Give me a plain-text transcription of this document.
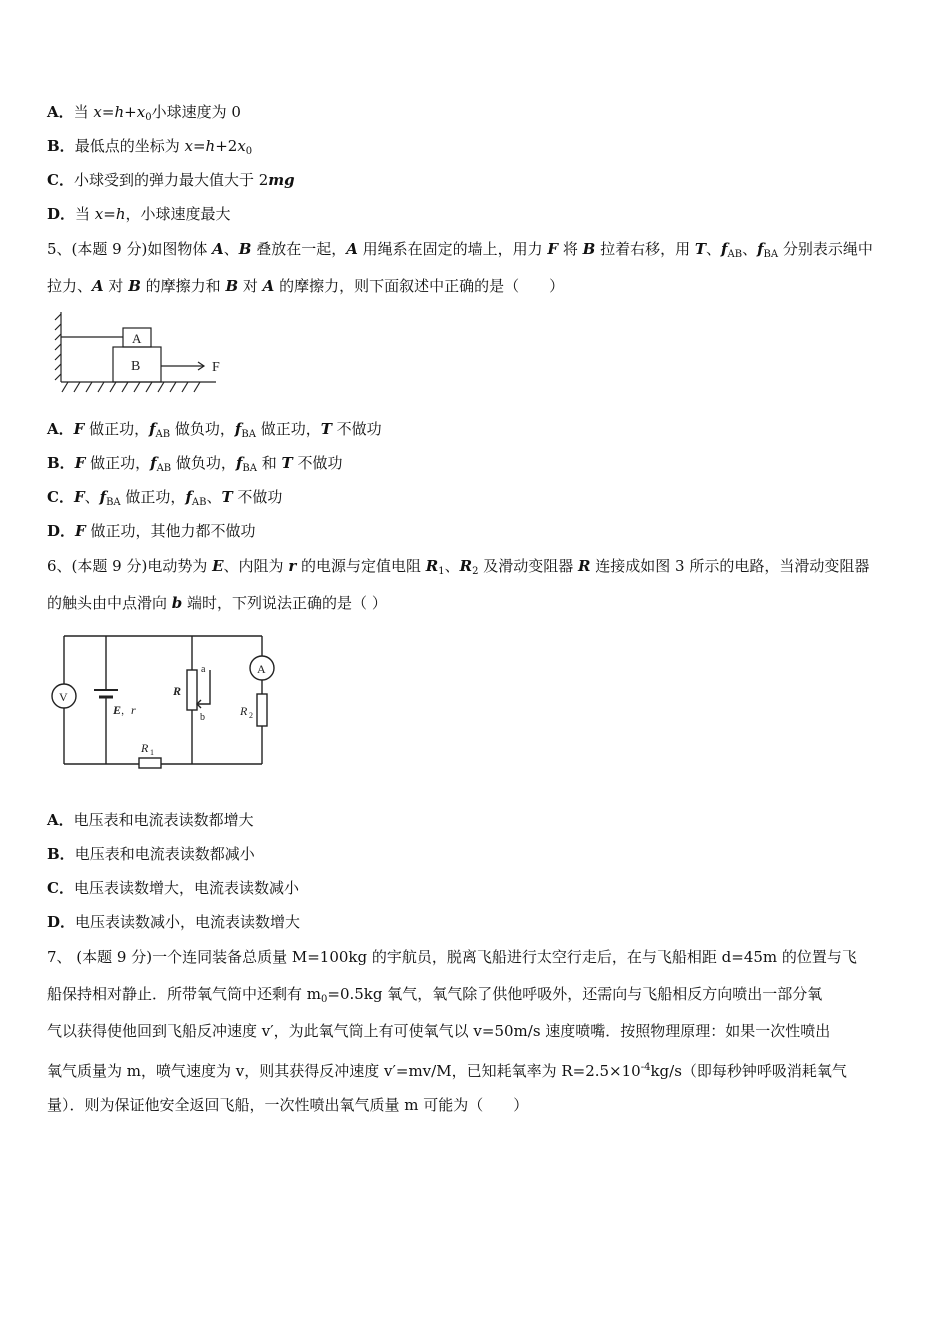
A．当 $x=h+x_0$小球速度为 0
B．最低点的坐标为 $x=h+2x_0$
C．小球受到的弹力最大值大于 2mg
D．当 x=h，小球速度最大
5、(本题 9 分)如图物体 A、B 叠放在一起，A 用绳系在固定的墙上，用力 F 将 B 拉着右移，用 T、$f_{AB}$、$f_{BA}$ 分别表示绳中
拉力、A 对 B 的摩擦力和 B 对 A 的摩擦力，则下面叙述中正确的是（　　）
A
B	F
A．F 做正功，$f_{AB}$ 做负功，$f_{BA}$ 做正功，T 不做功
B．F 做正功，$f_{AB}$ 做负功，$f_{BA}$ 和 T 不做功
C．F、$f_{BA}$ 做正功，$f_{AB}$、T 不做功
D．F 做正功，其他力都不做功
6、(本题 9 分)电动势为 E、内阻为 r 的电源与定值电阻 $R_1$、$R_2$ 及滑动变阻器 R 连接成如图 3 所示的电路，当滑动变阻器
的触头由中点滑向 b 端时，下列说法正确的是（ ）
V
A
E ， r
R
a
b
R 1
R 2
A．电压表和电流表读数都增大
B．电压表和电流表读数都减小
C．电压表读数增大，电流表读数减小
D．电压表读数减小，电流表读数增大
7、 (本题 9 分)一个连同装备总质量 M=100kg 的宇航员，脱离飞船进行太空行走后，在与飞船相距 d=45m 的位置与飞
船保持相对静止．所带氧气筒中还剩有 $m_0=0.5kg$ 氧气，氧气除了供他呼吸外，还需向与飞船相反方向喷出一部分氧
气以获得使他回到飞船反冲速度 v′，为此氧气筒上有可使氧气以 v=50m/s 速度喷嘴．按照物理原理：如果一次性喷出
氧气质量为 m，喷气速度为 v，则其获得反冲速度 v′=mv/M，已知耗氧率为 $R=2.5\times 10^{-4}kg/s$（即每秒钟呼吸消耗氧气
量）．则为保证他安全返回飞船，一次性喷出氧气质量 m 可能为（　　）
